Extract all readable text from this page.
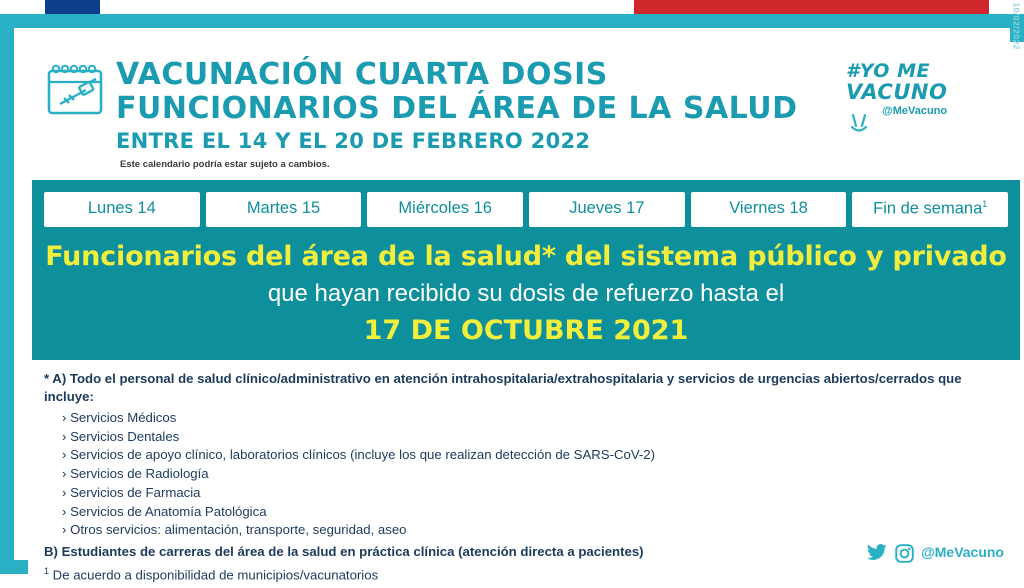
VACUNACIÓN CUARTA DOSIS
FUNCIONARIOS DEL ÁREA DE LA SALUD
ENTRE EL 14 Y EL 20 DE FEBRERO 2022
Este calendario podría estar sujeto a cambios.
#YO ME
VACUNO
@MeVacuno
10/02/2022
Lunes 14	Martes 15	Miércoles 16	Jueves 17	Viernes 18	Fin de semana$^1$
Funcionarios del área de la salud* del sistema público y privado
que hayan recibido su dosis de refuerzo hasta el
17 DE OCTUBRE 2021
* A) Todo el personal de salud clínico/administrativo en atención intrahospitalaria/extrahospitalaria y servicios de urgencias abiertos/cerrados que incluye:
› Servicios Médicos
› Servicios Dentales
› Servicios de apoyo clínico, laboratorios clínicos (incluye los que realizan detección de SARS-CoV-2)
› Servicios de Radiología
› Servicios de Farmacia
› Servicios de Anatomía Patológica
› Otros servicios: alimentación, transporte, seguridad, aseo
B) Estudiantes de carreras del área de la salud en práctica clínica (atención directa a pacientes)
$^1$ De acuerdo a disponibilidad de municipios/vacunatorios
@MeVacuno
